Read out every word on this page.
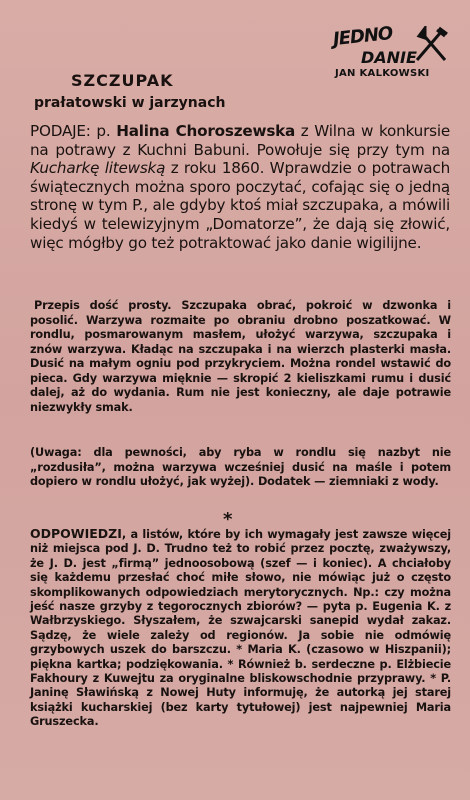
JEDNO
DANIE
JAN KALKOWSKI
SZCZUPAK
prałatowski w jarzynach
PODAJE: p. Halina Choroszewska z Wilna w konkursie na potrawy z Kuchni Babuni. Powołuje się przy tym na Kucharkę litewską z roku 1860. Wprawdzie o potrawach świątecznych można sporo poczytać, cofając się o jedną stronę w tym P., ale gdyby ktoś miał szczupaka, a mówili kiedyś w telewizyjnym „Domatorze”, że dają się złowić, więc mógłby go też potraktować jako danie wigilijne.

Przepis dość prosty. Szczupaka obrać, pokroić w dzwonka i posolić. Warzywa rozmaite po obraniu drobno poszatkować. W rondlu, posmarowanym masłem, ułożyć warzywa, szczupaka i znów warzywa. Kładąc na szczupaka i na wierzch plasterki masła. Dusić na małym ogniu pod przykryciem. Można rondel wstawić do pieca. Gdy warzywa mięknie — skropić 2 kieliszkami rumu i dusić dalej, aż do wydania. Rum nie jest konieczny, ale daje potrawie niezwykły smak.

(Uwaga: dla pewności, aby ryba w rondlu się nazbyt nie „rozdusiła”, można warzywa wcześniej dusić na maśle i potem dopiero w rondlu ułożyć, jak wyżej). Dodatek — ziemniaki z wody.
*
ODPOWIEDZI, a listów, które by ich wymagały jest zawsze więcej niż miejsca pod J. D. Trudno też to robić przez pocztę, zważywszy, że J. D. jest „firmą” jednoosobową (szef — i koniec). A chciałoby się każdemu przesłać choć miłe słowo, nie mówiąc już o często skomplikowanych odpowiedziach merytorycznych. Np.: czy można jeść nasze grzyby z tegorocznych zbiorów? — pyta p. Eugenia K. z Wałbrzyskiego. Słyszałem, że szwajcarski sanepid wydał zakaz. Sądzę, że wiele zależy od regionów. Ja sobie nie odmówię grzybowych uszek do barszczu. * Maria K. (czasowo w Hiszpanii); piękna kartka; podziękowania. * Również b. serdeczne p. Elżbiecie Fakhoury z Kuwejtu za oryginalne bliskowschodnie przyprawy. * P. Janinę Sławińską z Nowej Huty informuję, że autorką jej starej książki kucharskiej (bez karty tytułowej) jest najpewniej Maria Gruszecka.
